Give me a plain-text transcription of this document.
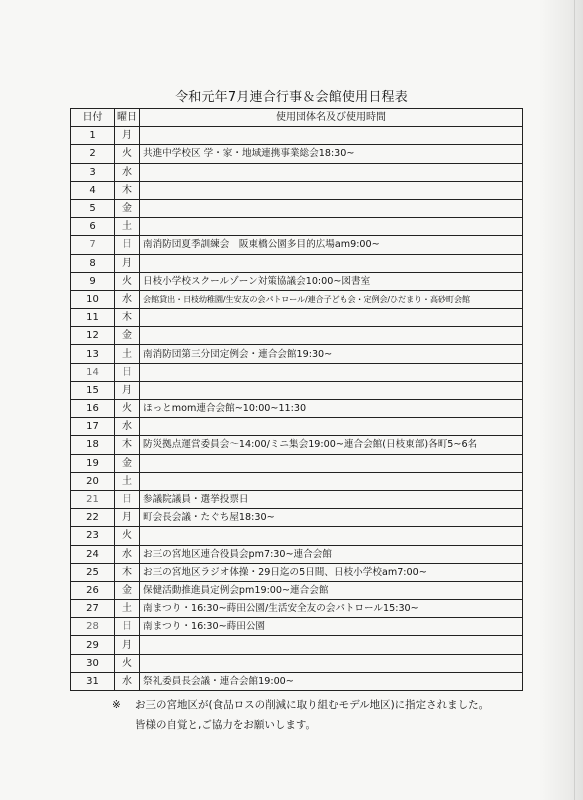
令和元年7月連合行事＆会館使用日程表
日付	曜日	使用団体名及び使用時間
1	月	
2	火	共進中学校区 学・家・地域連携事業総会18:30~
3	水	
4	木	
5	金	
6	土	
7	日	南消防団夏季訓練会　阪東橋公園多目的広場am9:00~
8	月	
9	火	日枝小学校スクールゾーン対策協議会10:00~図書室
10	水	会館貸出・日枝幼稚園/生安友の会パトロール/連合子ども会・定例会/ひだまり・高砂町会館
11	木	
12	金	
13	土	南消防団第三分団定例会・連合会館19:30~
14	日	
15	月	
16	火	ほっとmom連合会館~10:00~11:30
17	水	
18	木	防災拠点運営委員会～14:00/ミニ集会19:00~連合会館(日枝東部)各町5~6名
19	金	
20	土	
21	日	参議院議員・選挙投票日
22	月	町会長会議・たぐち屋18:30~
23	火	
24	水	お三の宮地区連合役員会pm7:30~連合会館
25	木	お三の宮地区ラジオ体操・29日迄の5日間、日枝小学校am7:00~
26	金	保健活動推進員定例会pm19:00~連合会館
27	土	南まつり・16:30~蒔田公園/生活安全友の会パトロール15:30~
28	日	南まつり・16:30~蒔田公園
29	月	
30	火	
31	水	祭礼委員長会議・連合会館19:00~
※ お三の宮地区が(食品ロスの削減に取り組むモデル地区)に指定されました。
皆様の自覚と,ご協力をお願いします。
